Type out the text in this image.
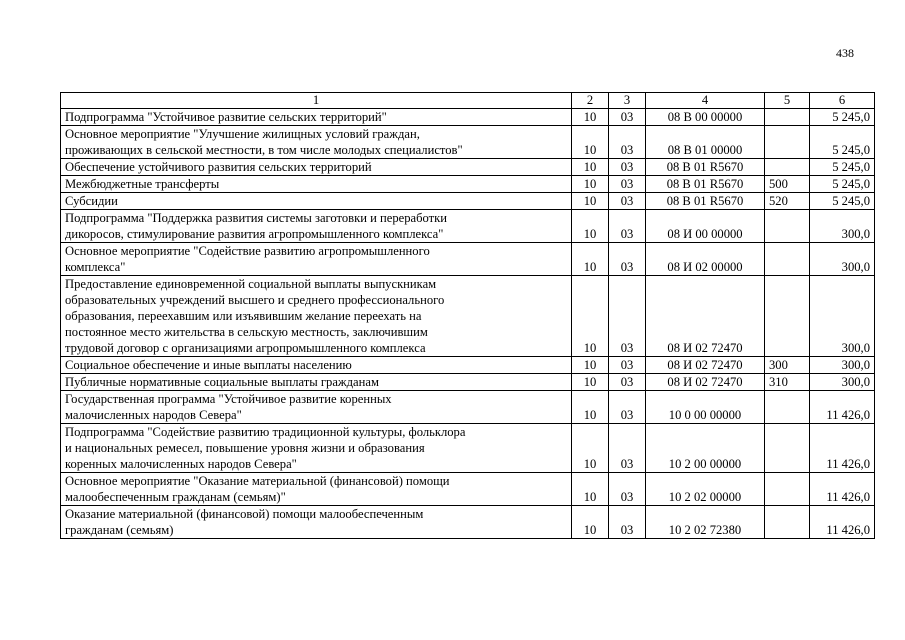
438
1	2	3	4	5	6
Подпрограмма "Устойчивое развитие сельских территорий"	10	03	08 В 00 00000		5 245,0
Основное мероприятие "Улучшение жилищных условий граждан,
проживающих в сельской местности, в том числе молодых специалистов"	10	03	08 В 01 00000		5 245,0
Обеспечение устойчивого развития сельских территорий	10	03	08 В 01 R5670		5 245,0
Межбюджетные трансферты	10	03	08 В 01 R5670	500	5 245,0
Субсидии	10	03	08 В 01 R5670	520	5 245,0
Подпрограмма "Поддержка развития системы заготовки и переработки
дикоросов, стимулирование развития агропромышленного комплекса"	10	03	08 И 00 00000		300,0
Основное мероприятие "Содействие развитию агропромышленного
комплекса"	10	03	08 И 02 00000		300,0
Предоставление единовременной социальной выплаты выпускникам
образовательных учреждений высшего и среднего профессионального
образования, переехавшим или изъявившим желание переехать на
постоянное место жительства в сельскую местность, заключившим
трудовой договор с организациями агропромышленного комплекса	10	03	08 И 02 72470		300,0
Социальное обеспечение и иные выплаты населению	10	03	08 И 02 72470	300	300,0
Публичные нормативные социальные выплаты гражданам	10	03	08 И 02 72470	310	300,0
Государственная программа "Устойчивое развитие коренных
малочисленных народов Севера"	10	03	10 0 00 00000		11 426,0
Подпрограмма "Содействие развитию традиционной культуры, фольклора
и национальных ремесел, повышение уровня жизни и образования
коренных малочисленных народов Севера"	10	03	10 2 00 00000		11 426,0
Основное мероприятие "Оказание материальной (финансовой) помощи
малообеспеченным гражданам (семьям)"	10	03	10 2 02 00000		11 426,0
Оказание материальной (финансовой) помощи малообеспеченным
гражданам (семьям)	10	03	10 2 02 72380		11 426,0
